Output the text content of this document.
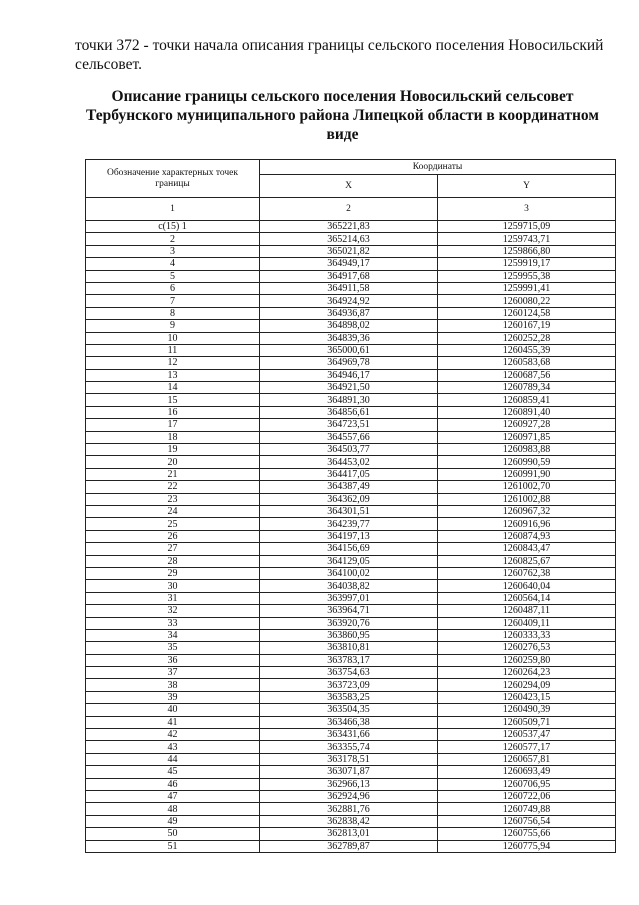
точки 372 - точки начала описания границы сельского поселения Новосильский сельсовет.

Описание границы сельского поселения Новосильский сельсовет Тербунского муниципального района Липецкой области в координатном виде

Обозначение характерных точек границы	Координаты	
	X	Y
1	2	3
с(15) 1	365221,83	1259715,09
2	365214,63	1259743,71
3	365021,82	1259866,80
4	364949,17	1259919,17
5	364917,68	1259955,38
6	364911,58	1259991,41
7	364924,92	1260080,22
8	364936,87	1260124,58
9	364898,02	1260167,19
10	364839,36	1260252,28
11	365000,61	1260455,39
12	364969,78	1260583,68
13	364946,17	1260687,56
14	364921,50	1260789,34
15	364891,30	1260859,41
16	364856,61	1260891,40
17	364723,51	1260927,28
18	364557,66	1260971,85
19	364503,77	1260983,88
20	364453,02	1260990,59
21	364417,05	1260991,90
22	364387,49	1261002,70
23	364362,09	1261002,88
24	364301,51	1260967,32
25	364239,77	1260916,96
26	364197,13	1260874,93
27	364156,69	1260843,47
28	364129,05	1260825,67
29	364100,02	1260762,38
30	364038,82	1260640,04
31	363997,01	1260564,14
32	363964,71	1260487,11
33	363920,76	1260409,11
34	363860,95	1260333,33
35	363810,81	1260276,53
36	363783,17	1260259,80
37	363754,63	1260264,23
38	363723,09	1260294,09
39	363583,25	1260423,15
40	363504,35	1260490,39
41	363466,38	1260509,71
42	363431,66	1260537,47
43	363355,74	1260577,17
44	363178,51	1260657,81
45	363071,87	1260693,49
46	362966,13	1260706,95
47	362924,96	1260722,06
48	362881,76	1260749,88
49	362838,42	1260756,54
50	362813,01	1260755,66
51	362789,87	1260775,94
